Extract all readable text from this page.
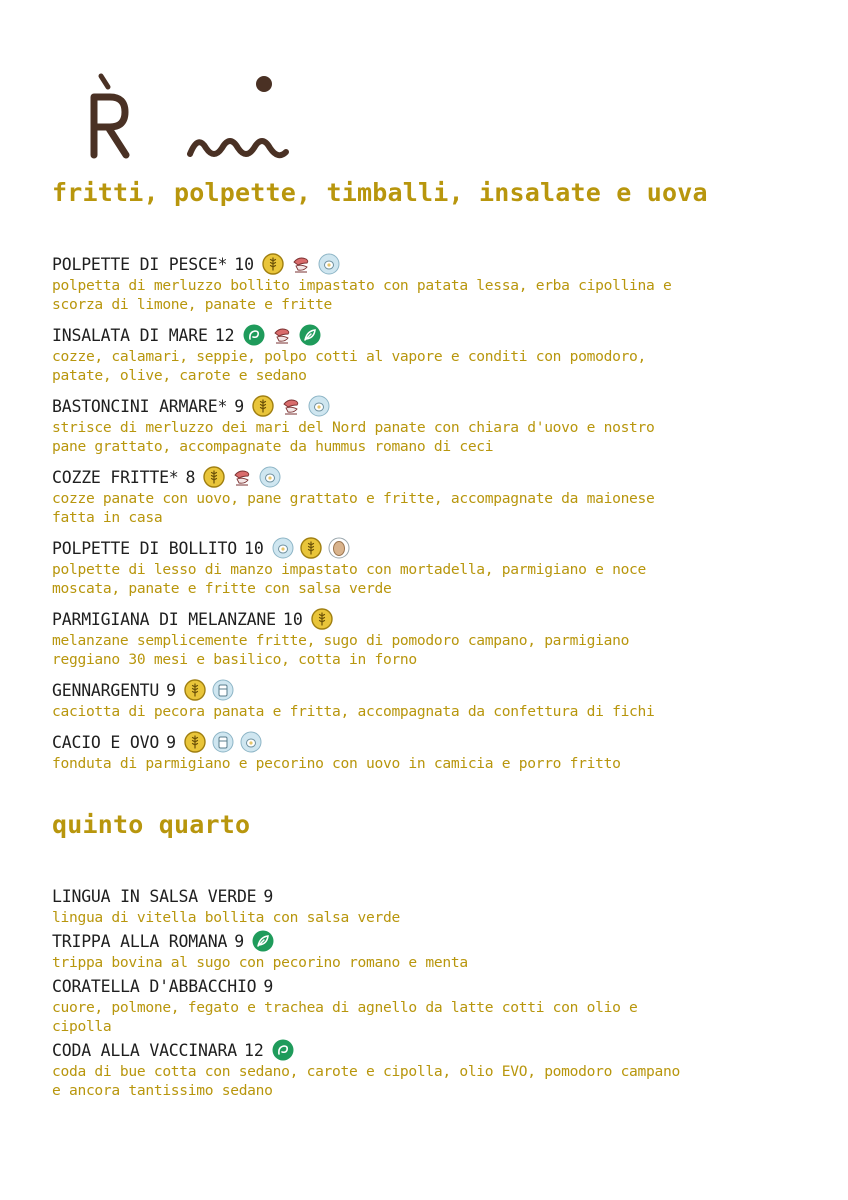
fritti, polpette, timballi, insalate e uova
POLPETTE DI PESCE* 10
polpetta di merluzzo bollito impastato con patata lessa, erba cipollina e
scorza di limone, panate e fritte
INSALATA DI MARE 12
cozze, calamari, seppie, polpo cotti al vapore e conditi con pomodoro,
patate, olive, carote e sedano
BASTONCINI ARMARE* 9
strisce di merluzzo dei mari del Nord panate con chiara d'uovo e nostro
pane grattato, accompagnate da hummus romano di ceci
COZZE FRITTE* 8
cozze panate con uovo, pane grattato e fritte, accompagnate da maionese
fatta in casa
POLPETTE DI BOLLITO 10
polpette di lesso di manzo impastato con mortadella, parmigiano e noce
moscata, panate e fritte con salsa verde
PARMIGIANA DI MELANZANE 10
melanzane semplicemente fritte, sugo di pomodoro campano, parmigiano
reggiano 30 mesi e basilico, cotta in forno
GENNARGENTU 9
caciotta di pecora panata e fritta, accompagnata da confettura di fichi
CACIO E OVO 9
fonduta di parmigiano e pecorino con uovo in camicia e porro fritto
quinto quarto
LINGUA IN SALSA VERDE 9
lingua di vitella bollita con salsa verde
TRIPPA ALLA ROMANA 9
trippa bovina al sugo con pecorino romano e menta
CORATELLA D'ABBACCHIO 9
cuore, polmone, fegato e trachea di agnello da latte cotti con olio e
cipolla
CODA ALLA VACCINARA 12
coda di bue cotta con sedano, carote e cipolla, olio EVO, pomodoro campano
e ancora tantissimo sedano
